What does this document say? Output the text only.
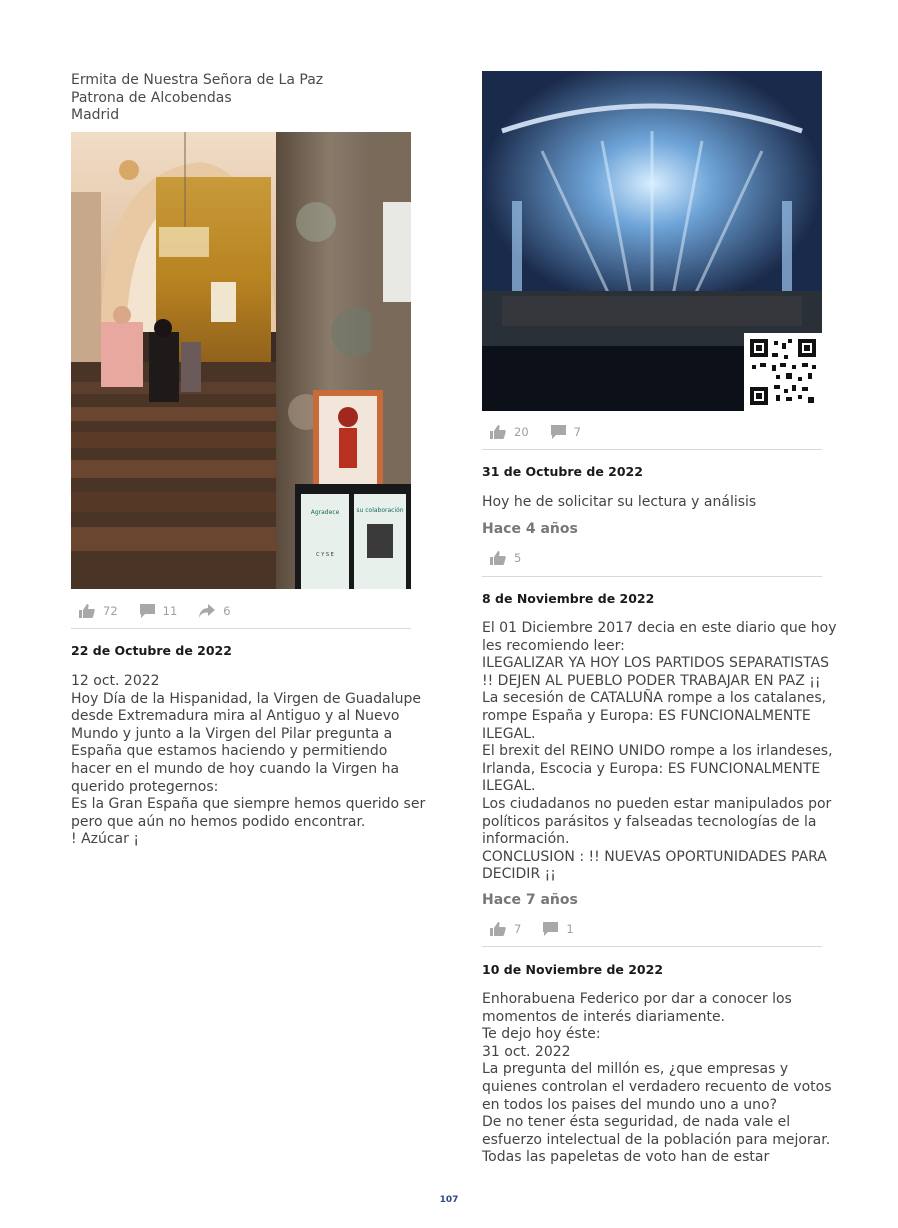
Ermita de Nuestra Señora de La Paz
Patrona de Alcobendas
Madrid
Agradece	su colaboración
C Y S E
72	11	6
22 de Octubre de 2022
12 oct. 2022
Hoy Día de la Hispanidad, la Virgen de Guadalupe
desde Extremadura mira al Antiguo y al Nuevo
Mundo y junto a la Virgen del Pilar pregunta a
España que estamos haciendo y permitiendo
hacer en el mundo de hoy cuando la Virgen ha
querido protegernos:
Es la Gran España que siempre hemos querido ser
pero que aún no hemos podido encontrar.
! Azúcar ¡
20	7
31 de Octubre de 2022
Hoy he de solicitar su lectura y análisis
Hace 4 años
5
8 de Noviembre de 2022
El 01 Diciembre 2017 decia en este diario que hoy
les recomiendo leer:
ILEGALIZAR YA HOY LOS PARTIDOS SEPARATISTAS
!! DEJEN AL PUEBLO PODER TRABAJAR EN PAZ ¡¡
La secesión de CATALUÑA rompe a los catalanes,
rompe España y Europa: ES FUNCIONALMENTE
ILEGAL.
El brexit del REINO UNIDO rompe a los irlandeses,
Irlanda, Escocia y Europa: ES FUNCIONALMENTE
ILEGAL.
Los ciudadanos no pueden estar manipulados por
políticos parásitos y falseadas tecnologías de la
información.
CONCLUSION : !! NUEVAS OPORTUNIDADES PARA
DECIDIR ¡¡
Hace 7 años
7	1
10 de Noviembre de 2022
Enhorabuena Federico por dar a conocer los
momentos de interés diariamente.
Te dejo hoy éste:
31 oct. 2022
La pregunta del millón es, ¿que empresas y
quienes controlan el verdadero recuento de votos
en todos los paises del mundo uno a uno?
De no tener ésta seguridad, de nada vale el
esfuerzo intelectual de la población para mejorar.
Todas las papeletas de voto han de estar
107
